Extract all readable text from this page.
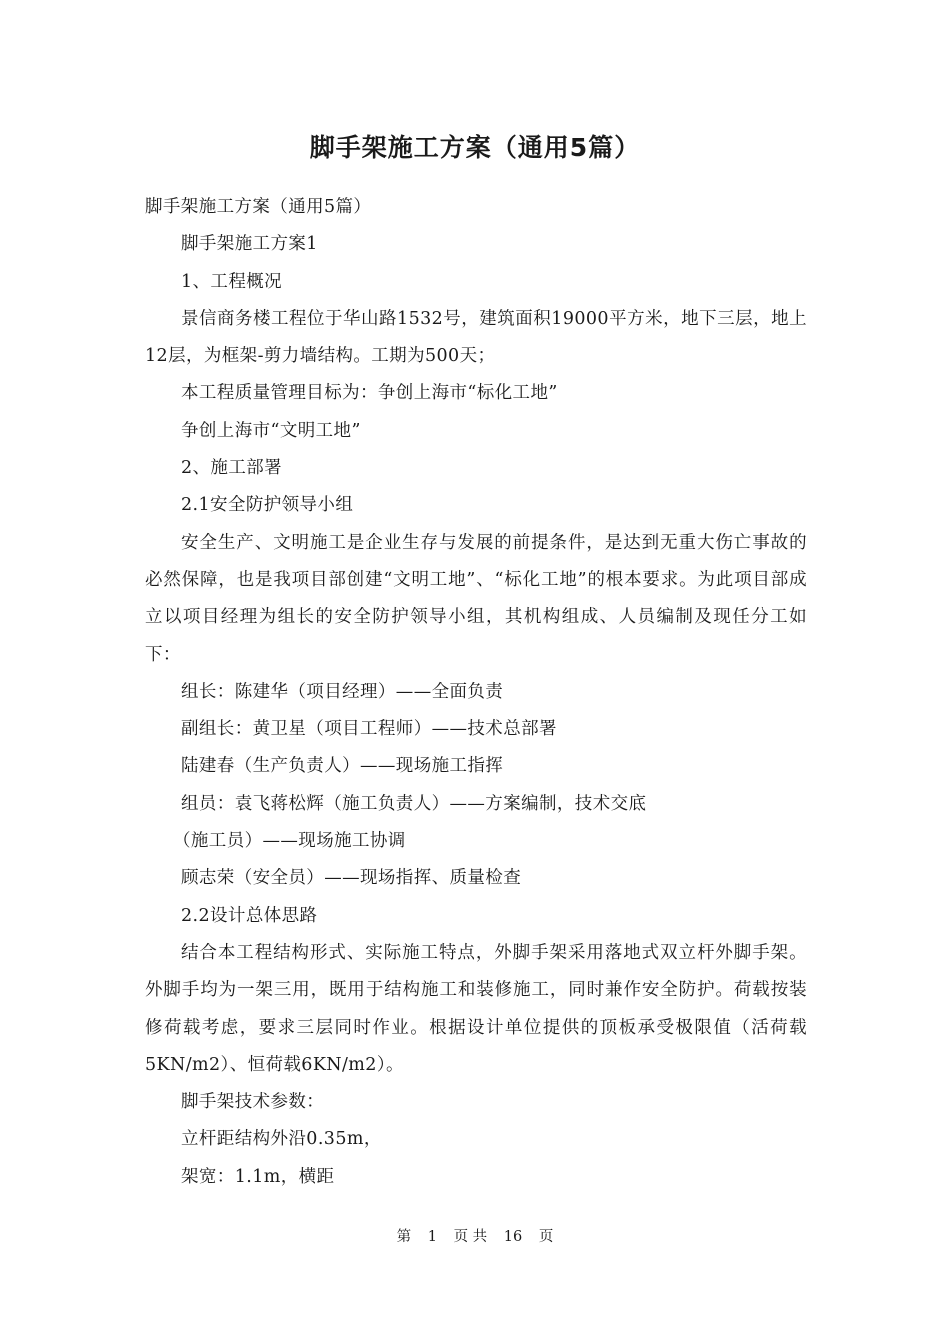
脚手架施工方案（通用5篇）

脚手架施工方案（通用5篇）

脚手架施工方案1

1、工程概况

景信商务楼工程位于华山路1532号，建筑面积19000平方米，地下三层，地上12层，为框架-剪力墙结构。工期为500天；

本工程质量管理目标为：争创上海市“标化工地”

争创上海市“文明工地”

2、施工部署

2.1安全防护领导小组

安全生产、文明施工是企业生存与发展的前提条件，是达到无重大伤亡事故的必然保障，也是我项目部创建“文明工地”、“标化工地”的根本要求。为此项目部成立以项目经理为组长的安全防护领导小组，其机构组成、人员编制及现任分工如下：

组长：陈建华（项目经理）——全面负责

副组长：黄卫星（项目工程师）——技术总部署

陆建春（生产负责人）——现场施工指挥

组员：袁飞蒋松辉（施工负责人）——方案编制，技术交底

（施工员）——现场施工协调

顾志荣（安全员）——现场指挥、质量检查

2.2设计总体思路

结合本工程结构形式、实际施工特点，外脚手架采用落地式双立杆外脚手架。外脚手均为一架三用，既用于结构施工和装修施工，同时兼作安全防护。荷载按装修荷载考虑，要求三层同时作业。根据设计单位提供的顶板承受极限值（活荷载5KN/m2）、恒荷载6KN/m2）。

脚手架技术参数：

立杆距结构外沿0.35m，

架宽：1.1m，横距

第 1 页 共 16 页
